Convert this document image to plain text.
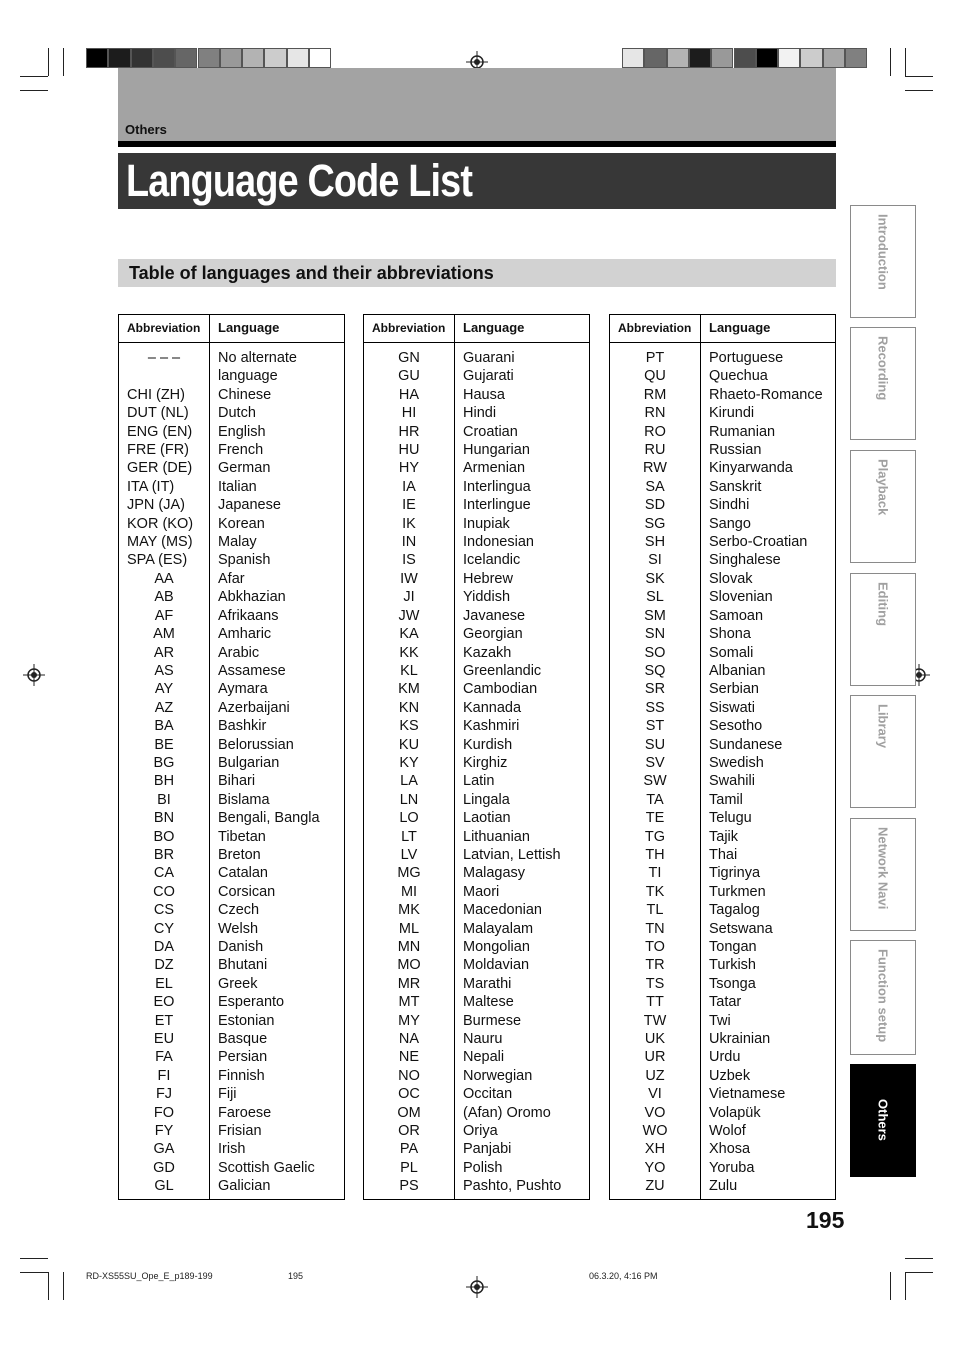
Others
Language Code List
Table of languages and their abbreviations
Abbreviation Language
– – –	No alternate
language
CHI (ZH)	Chinese
DUT (NL)	Dutch
ENG (EN)	English
FRE (FR)	French
GER (DE)	German
ITA (IT)	Italian
JPN (JA)	Japanese
KOR (KO)	Korean
MAY (MS)	Malay
SPA (ES)	Spanish
AA	Afar
AB	Abkhazian
AF	Afrikaans
AM	Amharic
AR	Arabic
AS	Assamese
AY	Aymara
AZ	Azerbaijani
BA	Bashkir
BE	Belorussian
BG	Bulgarian
BH	Bihari
BI	Bislama
BN	Bengali, Bangla
BO	Tibetan
BR	Breton
CA	Catalan
CO	Corsican
CS	Czech
CY	Welsh
DA	Danish
DZ	Bhutani
EL	Greek
EO	Esperanto
ET	Estonian
EU	Basque
FA	Persian
FI	Finnish
FJ	Fiji
FO	Faroese
FY	Frisian
GA	Irish
GD	Scottish Gaelic
GL	Galician
Abbreviation Language
GN	Guarani
GU	Gujarati
HA	Hausa
HI	Hindi
HR	Croatian
HU	Hungarian
HY	Armenian
IA	Interlingua
IE	Interlingue
IK	Inupiak
IN	Indonesian
IS	Icelandic
IW	Hebrew
JI	Yiddish
JW	Javanese
KA	Georgian
KK	Kazakh
KL	Greenlandic
KM	Cambodian
KN	Kannada
KS	Kashmiri
KU	Kurdish
KY	Kirghiz
LA	Latin
LN	Lingala
LO	Laotian
LT	Lithuanian
LV	Latvian, Lettish
MG	Malagasy
MI	Maori
MK	Macedonian
ML	Malayalam
MN	Mongolian
MO	Moldavian
MR	Marathi
MT	Maltese
MY	Burmese
NA	Nauru
NE	Nepali
NO	Norwegian
OC	Occitan
OM	(Afan) Oromo
OR	Oriya
PA	Panjabi
PL	Polish
PS	Pashto, Pushto
Abbreviation Language
PT	Portuguese
QU	Quechua
RM	Rhaeto-Romance
RN	Kirundi
RO	Rumanian
RU	Russian
RW	Kinyarwanda
SA	Sanskrit
SD	Sindhi
SG	Sango
SH	Serbo-Croatian
SI	Singhalese
SK	Slovak
SL	Slovenian
SM	Samoan
SN	Shona
SO	Somali
SQ	Albanian
SR	Serbian
SS	Siswati
ST	Sesotho
SU	Sundanese
SV	Swedish
SW	Swahili
TA	Tamil
TE	Telugu
TG	Tajik
TH	Thai
TI	Tigrinya
TK	Turkmen
TL	Tagalog
TN	Setswana
TO	Tongan
TR	Turkish
TS	Tsonga
TT	Tatar
TW	Twi
UK	Ukrainian
UR	Urdu
UZ	Uzbek
VI	Vietnamese
VO	Volapük
WO	Wolof
XH	Xhosa
YO	Yoruba
ZU	Zulu
Introduction
Recording
Playback
Editing
Library
Network Navi
Function setup
Others
195
RD-XS55SU_Ope_E_p189-199	195	06.3.20, 4:16 PM
